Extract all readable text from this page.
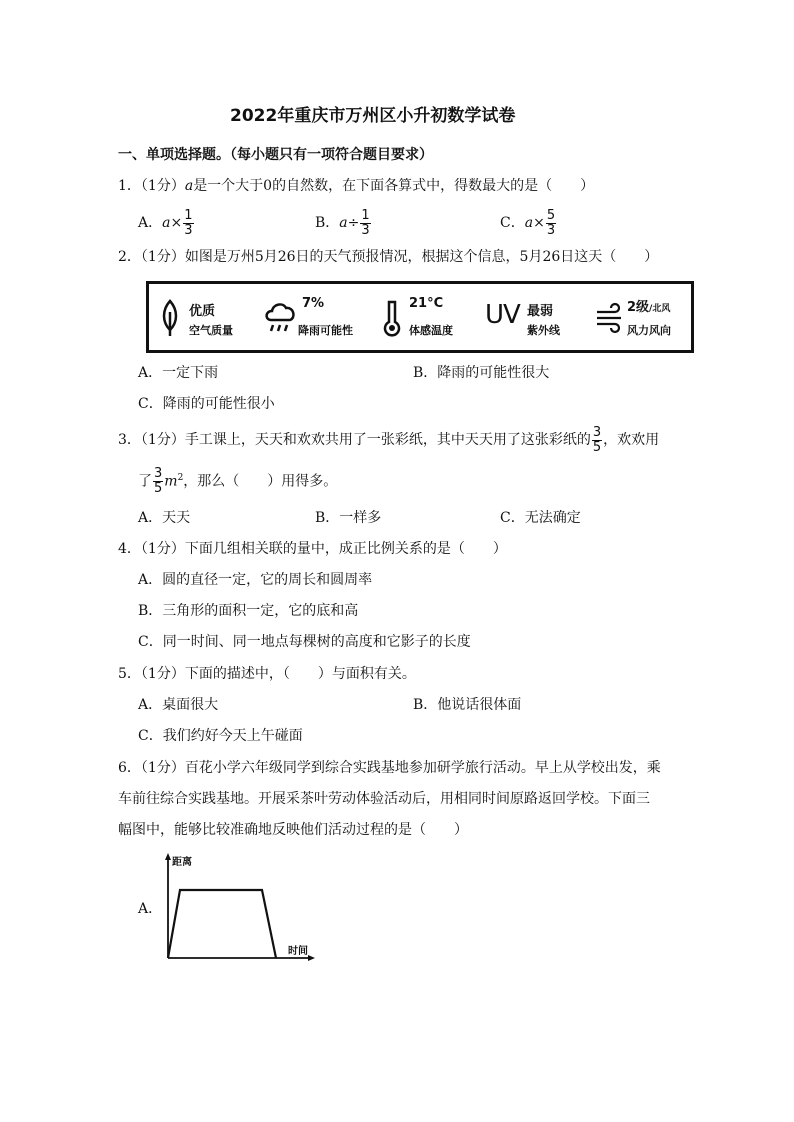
2022年重庆市万州区小升初数学试卷
一、单项选择题。（每小题只有一项符合题目要求）
1．（1分）a是一个大于0的自然数，在下面各算式中，得数最大的是（　　）
A．$a\times \frac{1}{3}$	B．$a\div \frac{1}{3}$	C．$a\times \frac{5}{3}$
2．（1分）如图是万州5月26日的天气预报情况，根据这个信息，5月26日这天（　　）
优质
空气质量
7%
降雨可能性
21°C
体感温度
UV 最弱
紫外线
2级/北风
风力风向
A．一定下雨	B．降雨的可能性很大
C．降雨的可能性很小
3．（1分）手工课上，天天和欢欢共用了一张彩纸，其中天天用了这张彩纸的 $\frac{3}{5}$ ，欢欢用
了 $\frac{3}{5} m^2$，那么（　　）用得多。
A．天天	B．一样多	C．无法确定
4．（1分）下面几组相关联的量中，成正比例关系的是（　　）
A．圆的直径一定，它的周长和圆周率
B．三角形的面积一定，它的底和高
C．同一时间、同一地点每棵树的高度和它影子的长度
5．（1分）下面的描述中，（　　）与面积有关。
A．桌面很大	B．他说话很体面
C．我们约好今天上午碰面
6．（1分）百花小学六年级同学到综合实践基地参加研学旅行活动。早上从学校出发，乘
车前往综合实践基地。开展采茶叶劳动体验活动后，用相同时间原路返回学校。下面三
幅图中，能够比较准确地反映他们活动过程的是（　　）
A．
距离
时间
